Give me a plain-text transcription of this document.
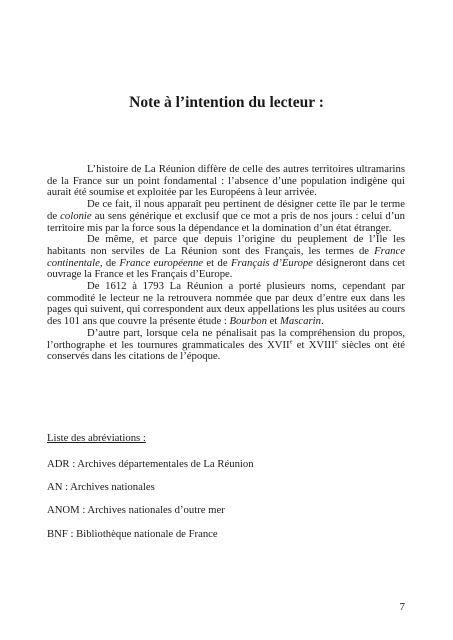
Note à l’intention du lecteur :

L’histoire de La Réunion diffère de celle des autres territoires ultramarins de la France sur un point fondamental : l’absence d’une population indigène qui aurait été soumise et exploitée par les Européens à leur arrivée.

De ce fait, il nous apparaît peu pertinent de désigner cette île par le terme de colonie au sens générique et exclusif que ce mot a pris de nos jours : celui d’un territoire mis par la force sous la dépendance et la domination d’un état étranger.

De même, et parce que depuis l’origine du peuplement de l’Île les habitants non serviles de La Réunion sont des Français, les termes de France continentale, de France européenne et de Français d’Europe désigneront dans cet ouvrage la France et les Français d’Europe.

De 1612 à 1793 La Réunion a porté plusieurs noms, cependant par commodité le lecteur ne la retrouvera nommée que par deux d’entre eux dans les pages qui suivent, qui correspondent aux deux appellations les plus usitées au cours des 101 ans que couvre la présente étude : Bourbon et Mascarin.

D’autre part, lorsque cela ne pénalisait pas la compréhension du propos, l’orthographe et les tournures grammaticales des XVIIe et XVIIIe siècles ont été conservés dans les citations de l’époque.

Liste des abréviations :
ADR : Archives départementales de La Réunion
AN : Archives nationales
ANOM : Archives nationales d’outre mer
BNF : Bibliothèque nationale de France
7
